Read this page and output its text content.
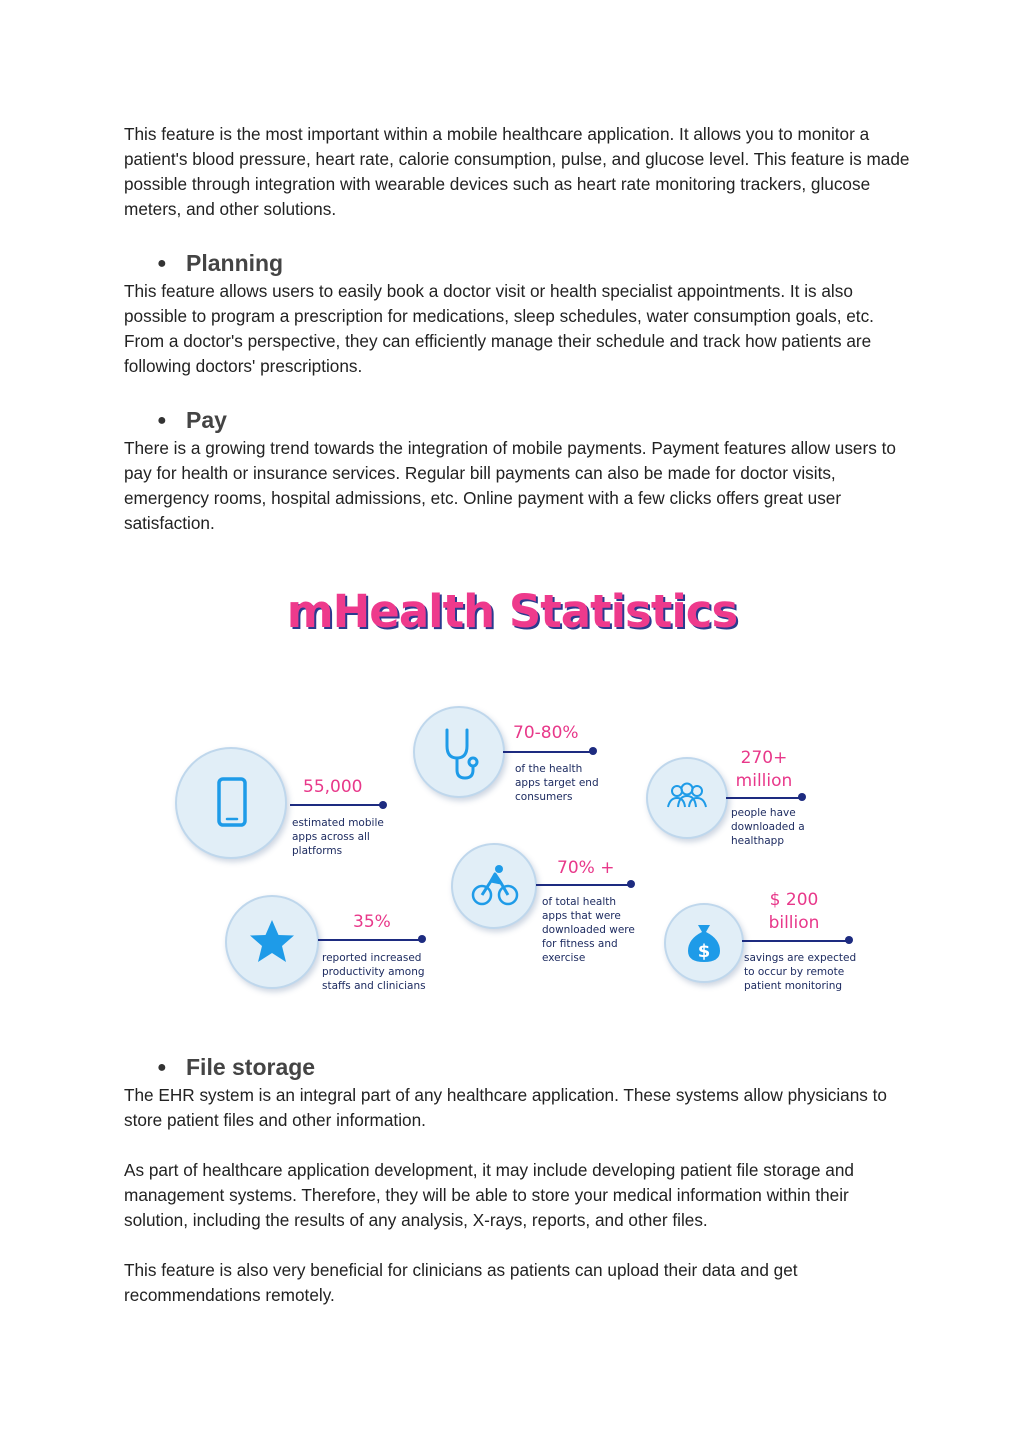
This feature is the most important within a mobile healthcare application. It allows you to monitor a patient's blood pressure, heart rate, calorie consumption, pulse, and glucose level. This feature is made possible through integration with wearable devices such as heart rate monitoring trackers, glucose meters, and other solutions.

● Planning

This feature allows users to easily book a doctor visit or health specialist appointments. It is also possible to program a prescription for medications, sleep schedules, water consumption goals, etc. From a doctor's perspective, they can efficiently manage their schedule and track how patients are following doctors' prescriptions.

● Pay

There is a growing trend towards the integration of mobile payments. Payment features allow users to pay for health or insurance services. Regular bill payments can also be made for doctor visits, emergency rooms, hospital admissions, etc. Online payment with a few clicks offers great user satisfaction.

mHealth Statistics

55,000

estimated mobile
apps across all
platforms

70-80%

of the health
apps target end
consumers

270+
million

people have
downloaded a
healthapp

70% +

of total health
apps that were
downloaded were
for fitness and
exercise

35%

reported increased
productivity among
staffs and clinicians

$

$ 200
billion

savings are expected
to occur by remote
patient monitoring

● File storage

The EHR system is an integral part of any healthcare application. These systems allow physicians to store patient files and other information.

As part of healthcare application development, it may include developing patient file storage and management systems. Therefore, they will be able to store your medical information within their solution, including the results of any analysis, X-rays, reports, and other files.

This feature is also very beneficial for clinicians as patients can upload their data and get recommendations remotely.
